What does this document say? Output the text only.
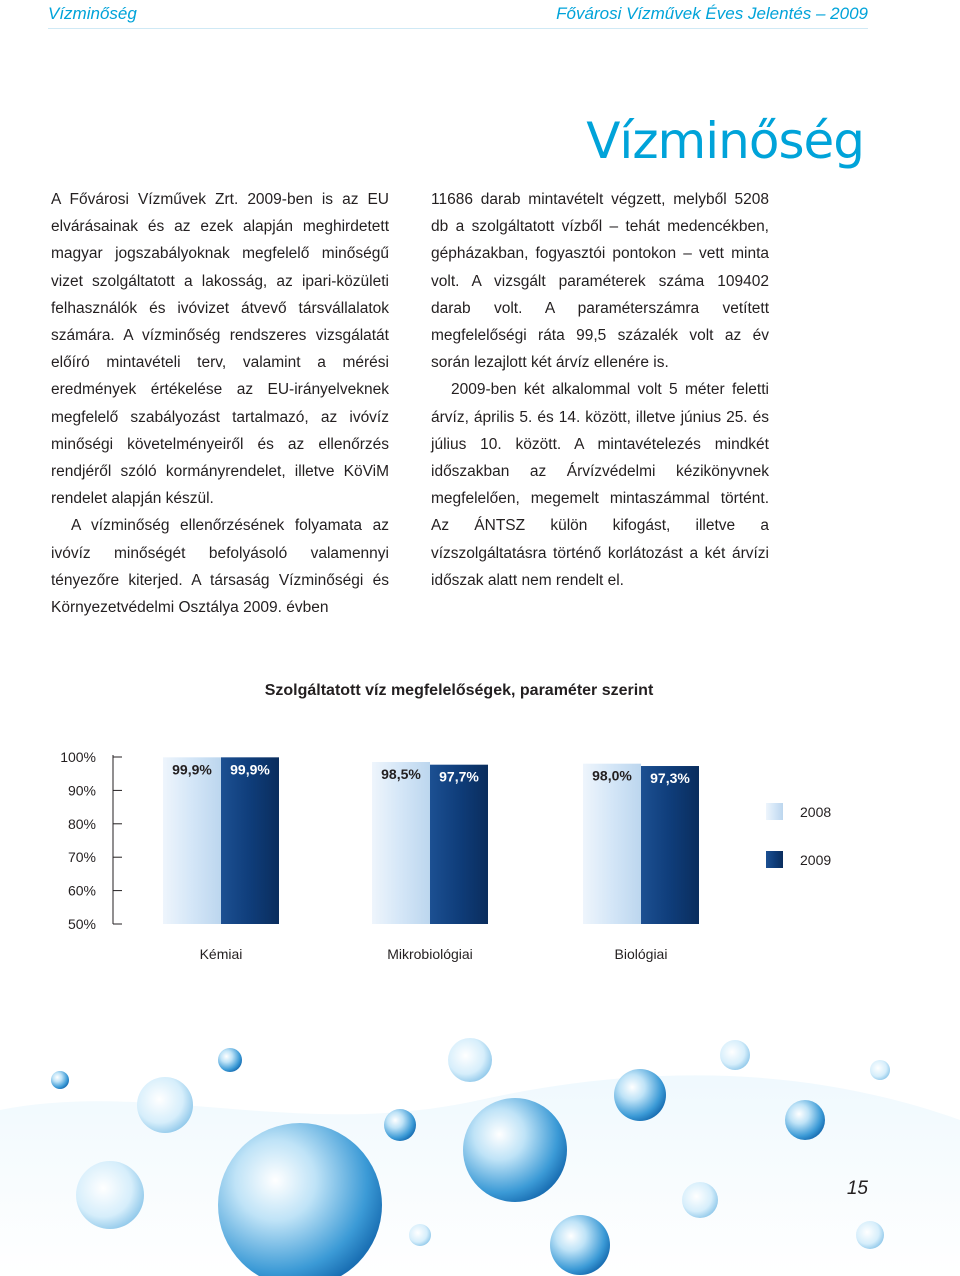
Vízminőség	Fővárosi Vízművek Éves Jelentés – 2009
Vízminőség

A Fővárosi Vízművek Zrt. 2009-ben is az EU elvárásainak és az ezek alapján meghirdetett magyar jogszabályoknak megfelelő minőségű vizet szolgáltatott a lakosság, az ipari-közületi felhasználók és ivóvizet átvevő társvállalatok számára. A vízminőség rendszeres vizsgálatát előíró mintavételi terv, valamint a mérési eredmények értékelése az EU-irányelveknek megfelelő szabályozást tartalmazó, az ivóvíz minőségi követelményeiről és az ellenőrzés rendjéről szóló kormányrendelet, illetve KöViM rendelet alapján készül.

A vízminőség ellenőrzésének folyamata az ivóvíz minőségét befolyásoló valamennyi tényezőre kiterjed. A társaság Vízminőségi és Környezetvédelmi Osztálya 2009. évben

11686 darab mintavételt végzett, melyből 5208 db a szolgáltatott vízből – tehát medencékben, gépházakban, fogyasztói pontokon – vett minta volt. A vizsgált paraméterek száma 109402 darab volt. A paraméterszámra vetített megfelelőségi ráta 99,5 százalék volt az év során lezajlott két árvíz ellenére is.

2009-ben két alkalommal volt 5 méter feletti árvíz, április 5. és 14. között, illetve június 25. és július 10. között. A mintavételezés mindkét időszakban az Árvízvédelmi kézikönyvnek megfelelően, megemelt mintaszámmal történt. Az ÁNTSZ külön kifogást, illetve a vízszolgáltatásra történő korlátozást a két árvízi időszak alatt nem rendelt el.

Szolgáltatott víz megfelelőségek, paraméter szerint
50%
60%
70%
80%
90%
100%
99,9% 99,9%	98,5% 97,7%	98,0% 97,3%
Kémiai	Mikrobiológiai	Biológiai
2008
2009
15
